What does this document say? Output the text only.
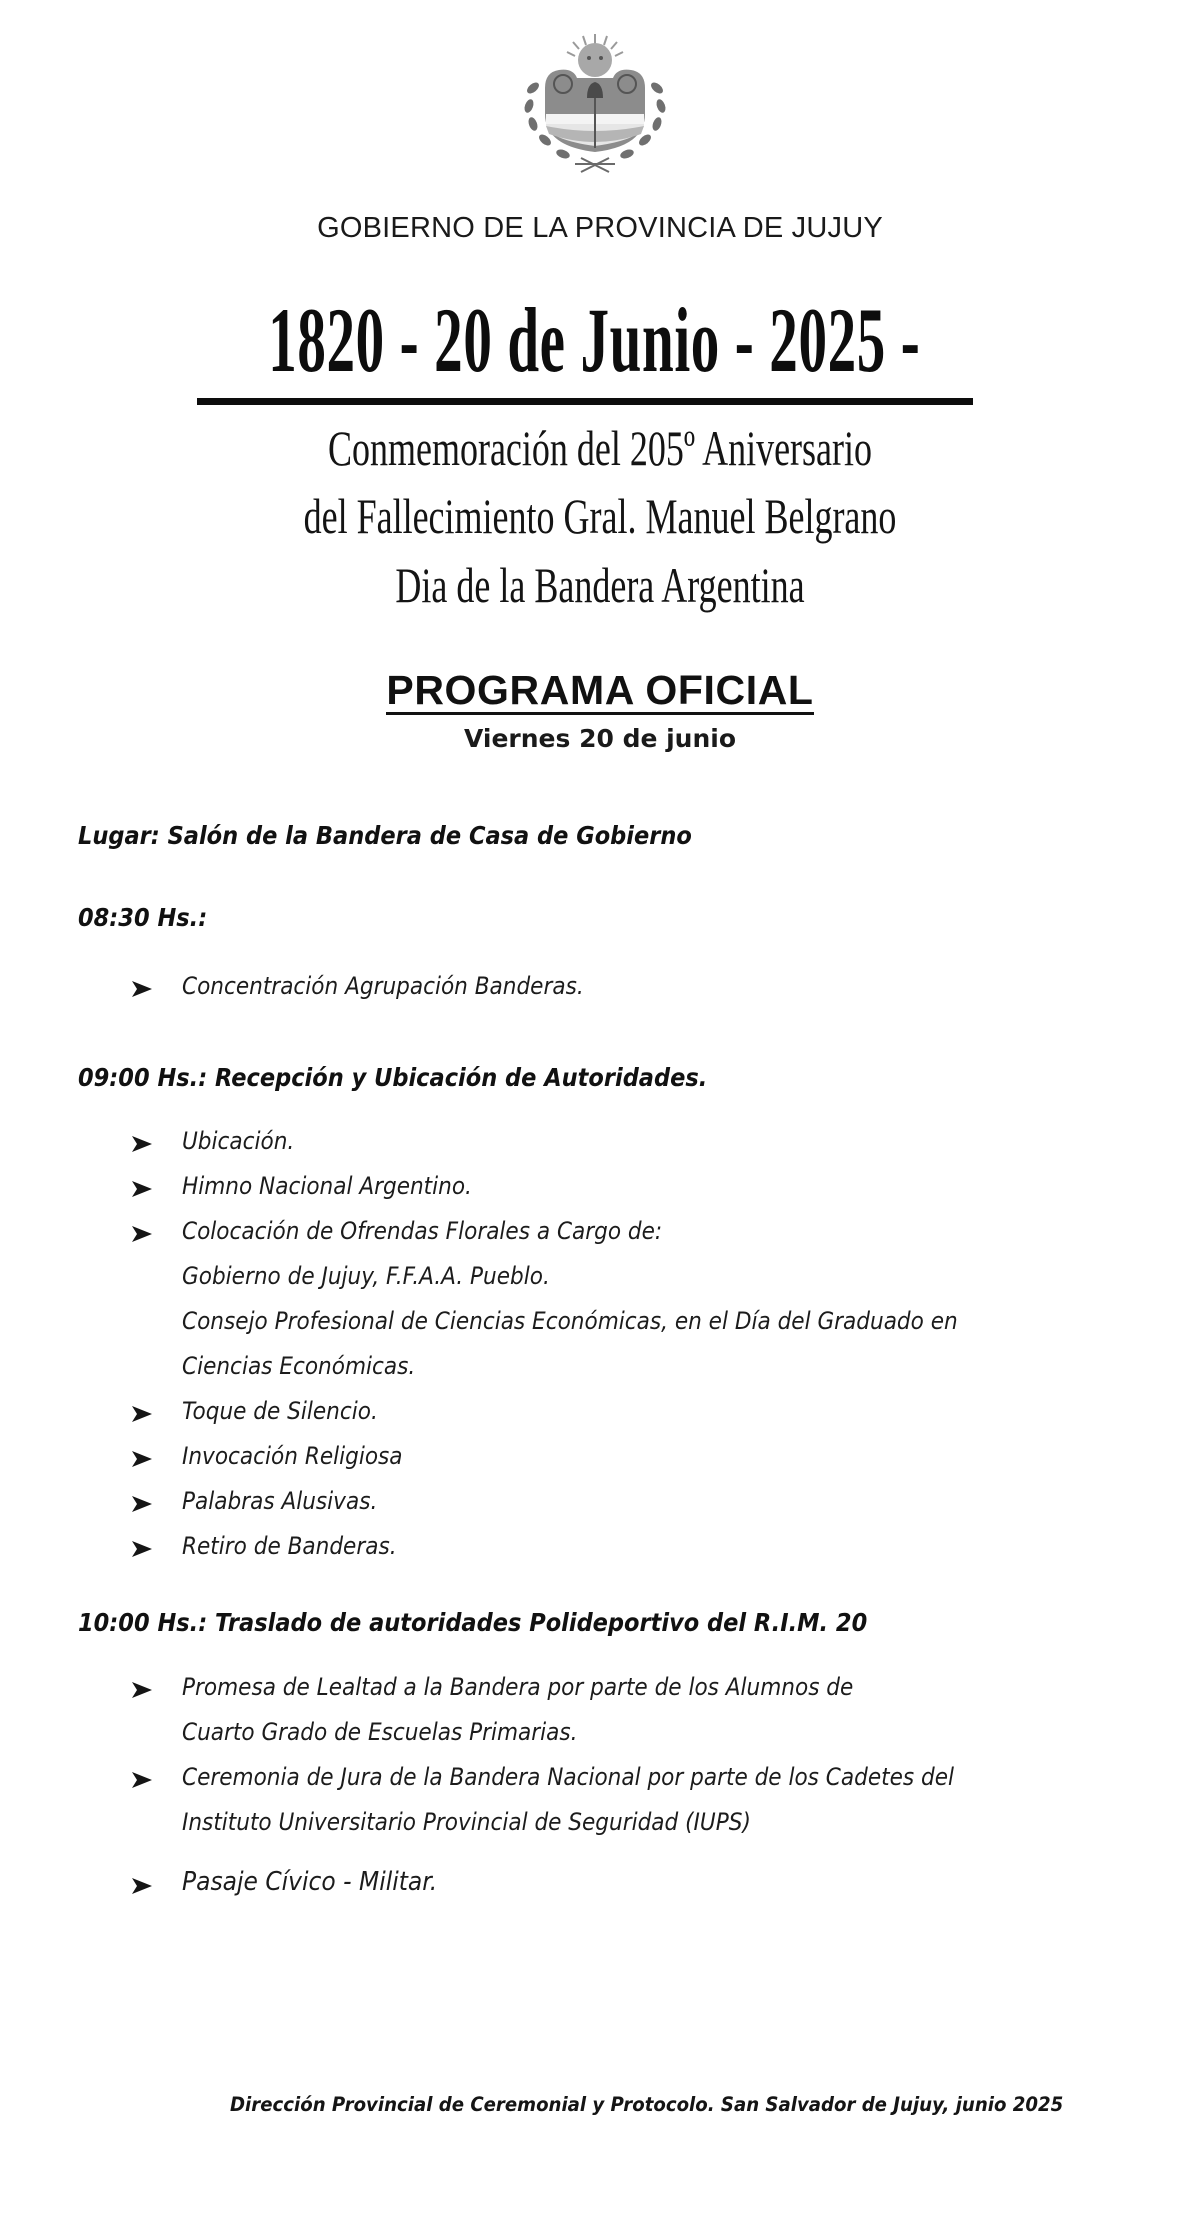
GOBIERNO DE LA PROVINCIA DE JUJUY
1820 - 20 de Junio - 2025 -
Conmemoración del 205º Aniversario
del Fallecimiento Gral. Manuel Belgrano
Dia de la Bandera Argentina
PROGRAMA OFICIAL
Viernes 20 de junio
Lugar: Salón de la Bandera de Casa de Gobierno
08:30 Hs.:
Concentración Agrupación Banderas.
09:00 Hs.: Recepción y Ubicación de Autoridades.
Ubicación.
Himno Nacional Argentino.
Colocación de Ofrendas Florales a Cargo de:
Gobierno de Jujuy, F.F.A.A. Pueblo.
Consejo Profesional de Ciencias Económicas, en el Día del Graduado en
Ciencias Económicas.
Toque de Silencio.
Invocación Religiosa
Palabras Alusivas.
Retiro de Banderas.
10:00 Hs.: Traslado de autoridades Polideportivo del R.I.M. 20
Promesa de Lealtad a la Bandera por parte de los Alumnos de
Cuarto Grado de Escuelas Primarias.
Ceremonia de Jura de la Bandera Nacional por parte de los Cadetes del
Instituto Universitario Provincial de Seguridad (IUPS)
Pasaje Cívico - Militar.
Dirección Provincial de Ceremonial y Protocolo. San Salvador de Jujuy, junio 2025
